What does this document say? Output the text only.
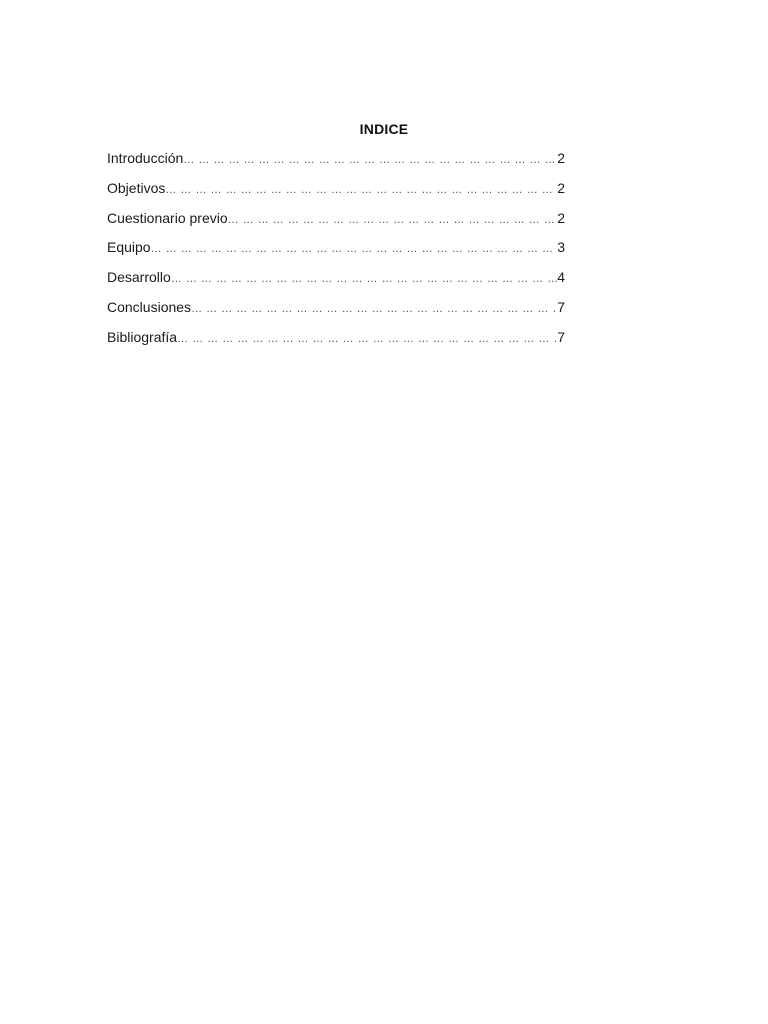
INDICE
Introducción … … … … … … … … … … … … … … … … … … … … … … … … … … … … … … … … … … … … … … … … … … … … … … … … … … … … … … … … … …	2
Objetivos … … … … … … … … … … … … … … … … … … … … … … … … … … … … … … … … … … … … … … … … … … … … … … … … … … … … … … … … … …	2
Cuestionario previo … … … … … … … … … … … … … … … … … … … … … … … … … … … … … … … … … … … … … … … … … … … … … … … … … … … … … … … … … …	2
Equipo … … … … … … … … … … … … … … … … … … … … … … … … … … … … … … … … … … … … … … … … … … … … … … … … … … … … … … … … … …	3
Desarrollo … … … … … … … … … … … … … … … … … … … … … … … … … … … … … … … … … … … … … … … … … … … … … … … … … … … … … … … … … …	4
Conclusiones … … … … … … … … … … … … … … … … … … … … … … … … … … … … … … … … … … … … … … … … … … … … … … … … … … … … … … … … … …	7
Bibliografía … … … … … … … … … … … … … … … … … … … … … … … … … … … … … … … … … … … … … … … … … … … … … … … … … … … … … … … … … …	7
